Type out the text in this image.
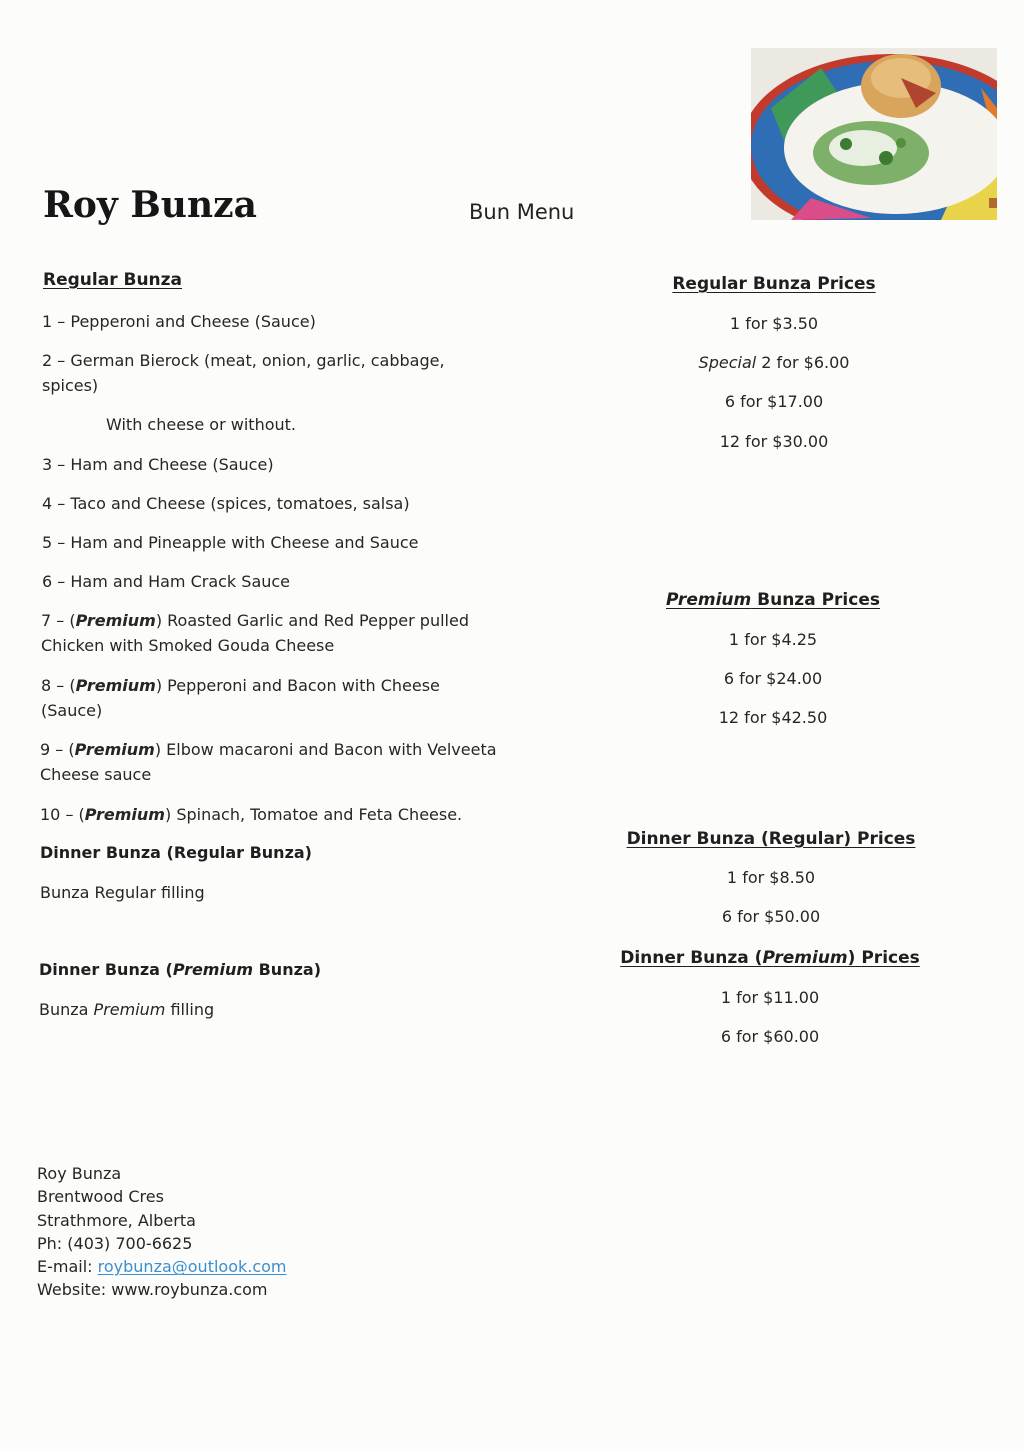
Roy Bunza	Bun Menu
Regular Bunza
1 – Pepperoni and Cheese (Sauce)
2 – German Bierock (meat, onion, garlic, cabbage, spices)
With cheese or without.
3 – Ham and Cheese (Sauce)
4 – Taco and Cheese (spices, tomatoes, salsa)
5 – Ham and Pineapple with Cheese and Sauce
6 – Ham and Ham Crack Sauce
7 – (Premium) Roasted Garlic and Red Pepper pulled Chicken with Smoked Gouda Cheese
8 – (Premium) Pepperoni and Bacon with Cheese (Sauce)
9 – (Premium) Elbow macaroni and Bacon with Velveeta Cheese sauce
10 – (Premium) Spinach, Tomatoe and Feta Cheese.
Dinner Bunza (Regular Bunza)
Bunza Regular filling
Dinner Bunza (Premium Bunza)
Bunza Premium filling
Regular Bunza Prices
1 for $3.50
Special 2 for $6.00
6 for $17.00
12 for $30.00
Premium Bunza Prices
1 for $4.25
6 for $24.00
12 for $42.50
Dinner Bunza (Regular) Prices
1 for $8.50
6 for $50.00
Dinner Bunza (Premium) Prices
1 for $11.00
6 for $60.00
Roy Bunza
Brentwood Cres
Strathmore, Alberta
Ph: (403) 700-6625
E-mail: roybunza@outlook.com
Website: www.roybunza.com
